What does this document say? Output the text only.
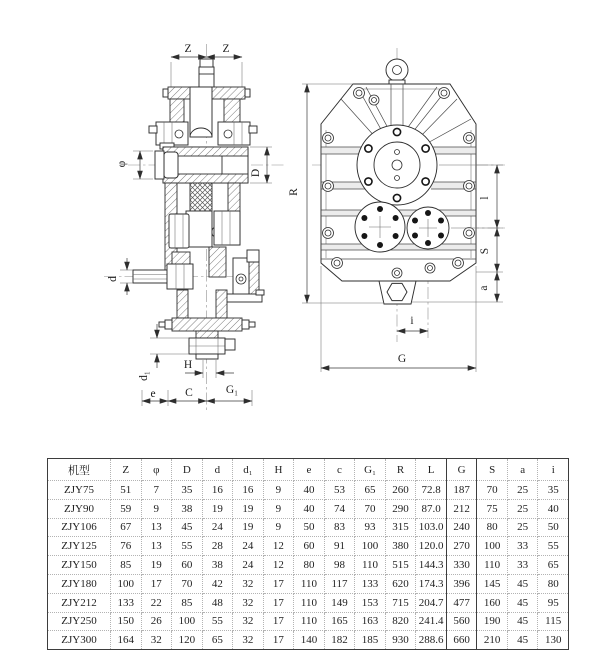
Z	Z
φ
D
d
d₁
H
e	C	G₁
R
l
S
a
i
G
机型	Z	φ	D	d	d₁	H	e	c	G₁	R	L	G	S	a	i
ZJY75	51	7	35	16	16	9	40	53	65	260	72.8	187	70	25	35
ZJY90	59	9	38	19	19	9	40	74	70	290	87.0	212	75	25	40
ZJY106	67	13	45	24	19	9	50	83	93	315	103.0	240	80	25	50
ZJY125	76	13	55	28	24	12	60	91	100	380	120.0	270	100	33	55
ZJY150	85	19	60	38	24	12	80	98	110	515	144.3	330	110	33	65
ZJY180	100	17	70	42	32	17	110	117	133	620	174.3	396	145	45	80
ZJY212	133	22	85	48	32	17	110	149	153	715	204.7	477	160	45	95
ZJY250	150	26	100	55	32	17	110	165	163	820	241.4	560	190	45	115
ZJY300	164	32	120	65	32	17	140	182	185	930	288.6	660	210	45	130
